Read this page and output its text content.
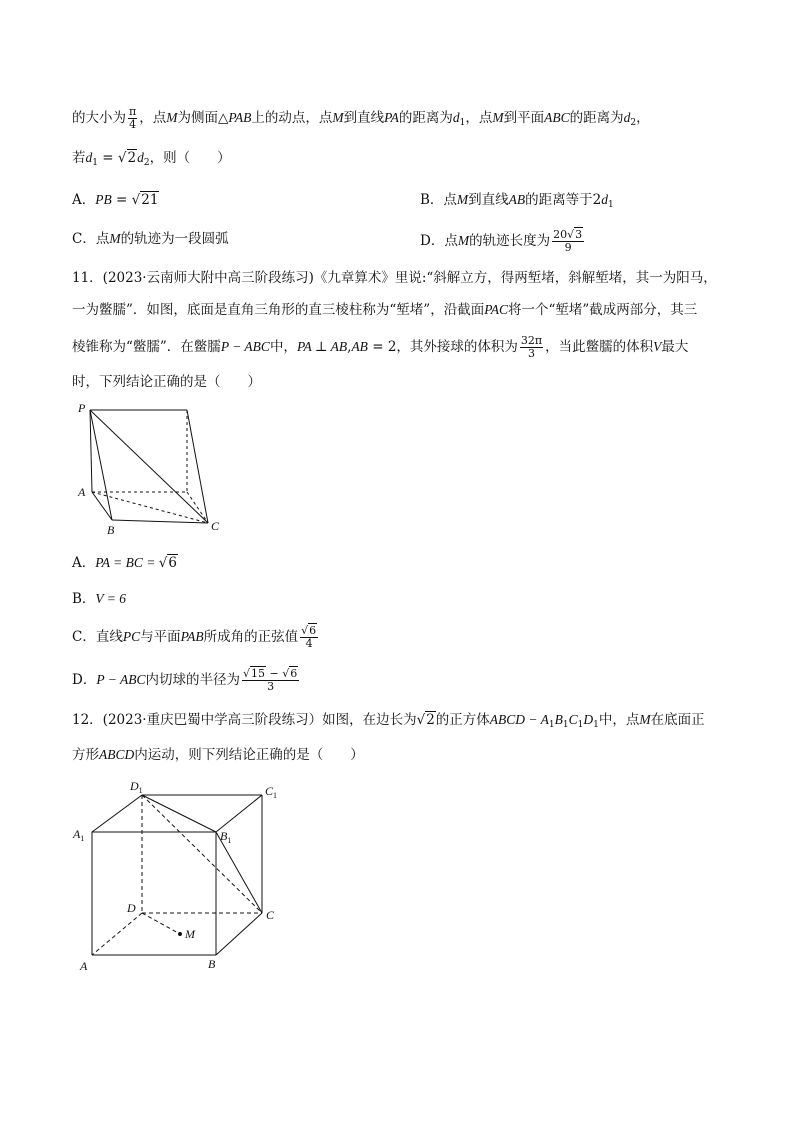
的大小为 $\frac{\pi}{4}$ ，点M为侧面△PAB上的动点，点M到直线PA的距离为$d_1$，点M到平面ABC的距离为$d_2$，
若$d_1 = √2d_2$，则（　　）
A．PB = √21	B．点M到直线AB的距离等于$2d_1$
C．点M的轨迹为一段圆弧	D．点M的轨迹长度为 $\frac{20√3}{9}$
11．(2023·云南师大附中高三阶段练习)《九章算术》里说:“斜解立方，得两堑堵，斜解堑堵，其一为阳马，
一为鳖臑”．如图，底面是直角三角形的直三棱柱称为“堑堵”，沿截面PAC将一个“堑堵”截成两部分，其三
棱锥称为“鳖臑”．在鳖臑P − ABC中，PA ⊥ AB,AB = 2，其外接球的体积为 $\frac{32\pi}{3}$ ，当此鳖臑的体积V最大
时，下列结论正确的是（　　）
P
A
B	C
A．PA = BC = √6
B．V = 6
C．直线PC与平面PAB所成角的正弦值 $\frac{√6}{4}$
D．P − ABC内切球的半径为 $\frac{√15 - √6}{3}$
12．(2023·重庆巴蜀中学高三阶段练习）如图，在边长为√2的正方体ABCD − $A_1B_1C_1D_1$中，点M在底面正
方形ABCD内运动，则下列结论正确的是（　　）
$D_1$	$C_1$
$A_1$	$B_1$
D	C
M
A	B
